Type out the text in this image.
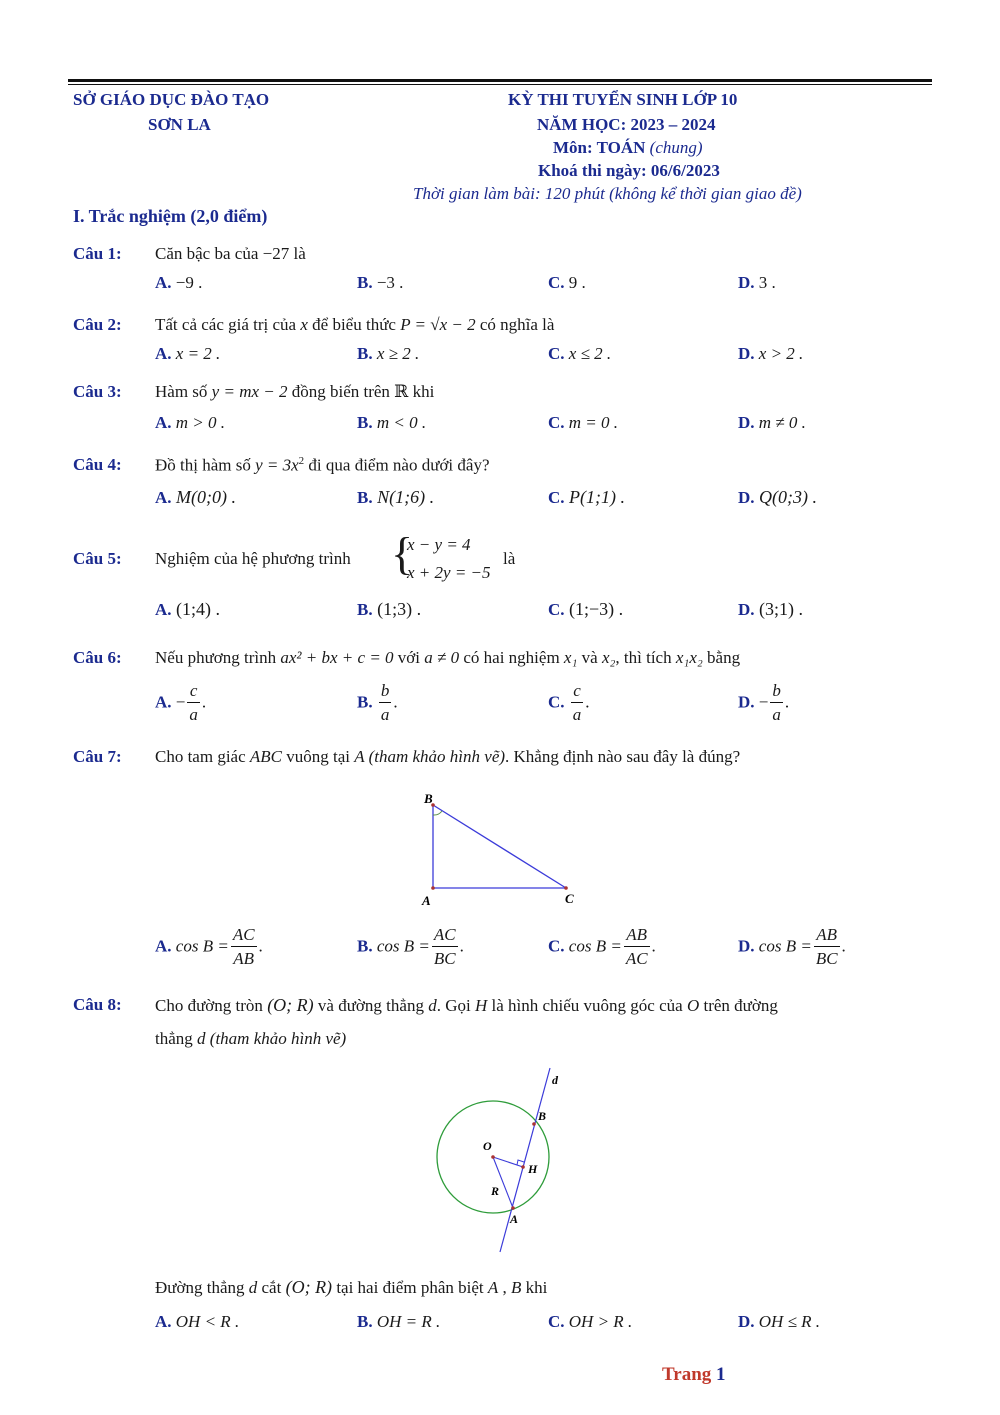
SỞ GIÁO DỤC ĐÀO TẠO
SƠN LA
KỲ THI TUYỂN SINH LỚP 10
NĂM HỌC: 2023 – 2024
Môn: TOÁN (chung)
Khoá thi ngày: 06/6/2023
Thời gian làm bài: 120 phút (không kể thời gian giao đề)
I. Trắc nghiệm (2,0 điểm)
Câu 1: Căn bậc ba của −27 là
A. −9 .	B. −3 .	C. 9 .	D. 3 .
Câu 2: Tất cả các giá trị của x để biểu thức P = √x − 2 có nghĩa là
A. x = 2 .	B. x ≥ 2 .	C. x ≤ 2 .	D. x > 2 .
Câu 3: Hàm số y = mx − 2 đồng biến trên ℝ khi
A. m > 0 .	B. m < 0 .	C. m = 0 .	D. m ≠ 0 .
Câu 4: Đồ thị hàm số $y = 3x^2$ đi qua điểm nào dưới đây?
A. M(0;0) .	B. N(1;6) .	C. P(1;1) .	D. Q(0;3) .
Câu 5: Nghiệm của hệ phương trình {
x − y = 4
x + 2y = −5
là
A. (1;4) .	B. (1;3) .	C. (1;−3) .	D. (3;1) .
Câu 6: Nếu phương trình ax² + bx + c = 0 với a ≠ 0 có hai nghiệm x₁ và x₂, thì tích x₁x₂ bằng
A. − $\frac{c}{a}$ .	B. $\frac{b}{a}$ .	C. $\frac{c}{a}$ .	D. − $\frac{b}{a}$ .
Câu 7: Cho tam giác ABC vuông tại A (tham khảo hình vẽ). Khẳng định nào sau đây là đúng?
B
A	C
A. $\cos B = \frac{AC}{AB}$ .	B. $\cos B = \frac{AC}{BC}$ .	C. $\cos B = \frac{AB}{AC}$ .	D. $\cos B = \frac{AB}{BC}$ .
Câu 8: Cho đường tròn (O; R) và đường thẳng d. Gọi H là hình chiếu vuông góc của O trên đường
thẳng d (tham khảo hình vẽ)
d
B
O
H
R
A
Đường thẳng d cắt (O; R) tại hai điểm phân biệt A , B khi
A. OH < R .	B. OH = R .	C. OH > R .	D. OH ≤ R .
Trang 1
